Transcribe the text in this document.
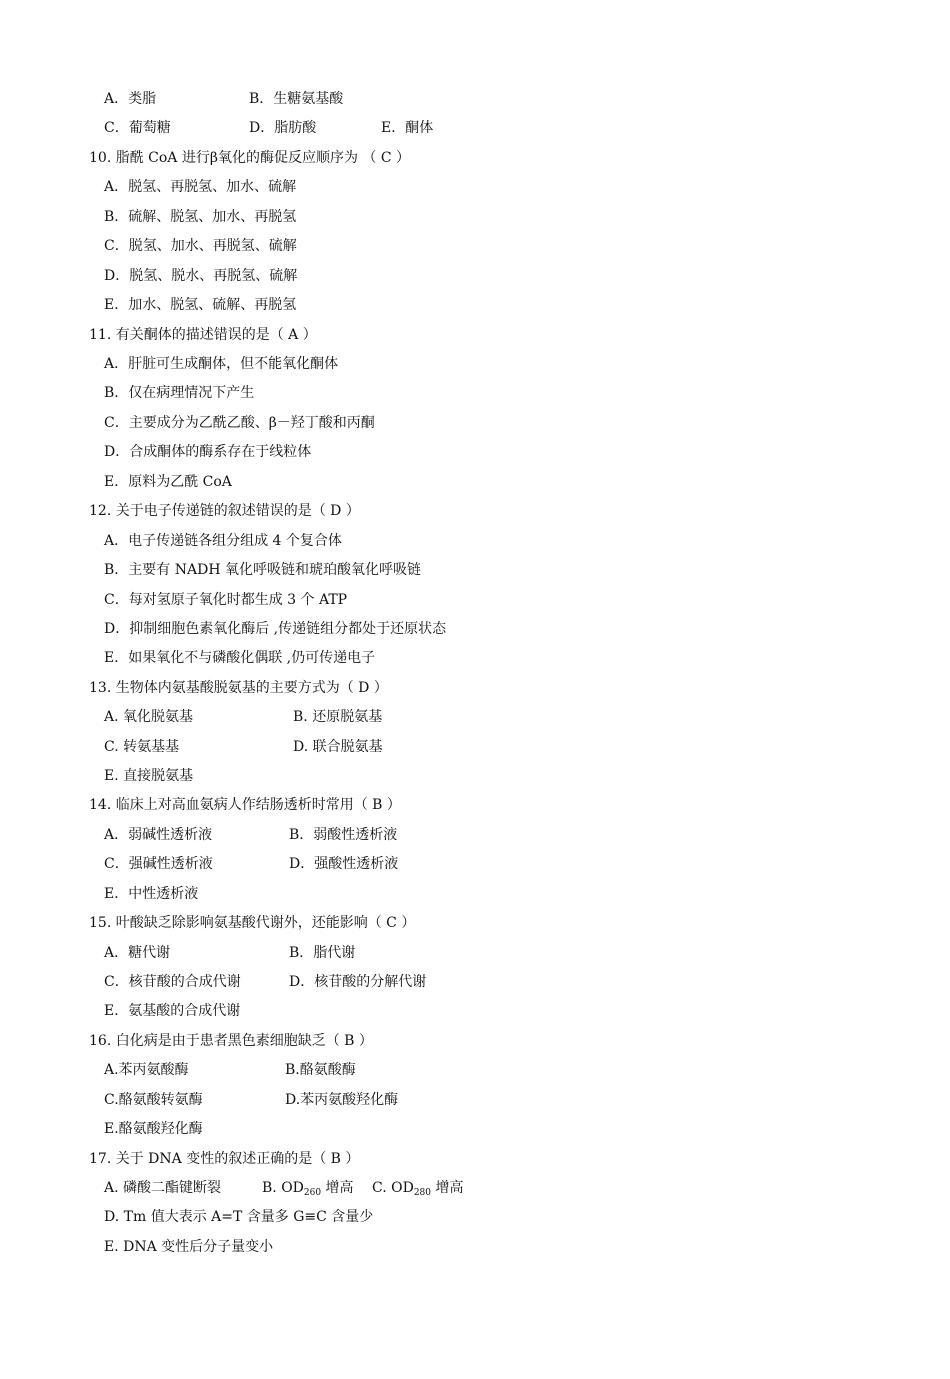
A．类脂	B．生糖氨基酸
C．葡萄糖	D．脂肪酸	E．酮体
10. 脂酰 CoA 进行β氧化的酶促反应顺序为 （ C ）
A．脱氢、再脱氢、加水、硫解
B．硫解、脱氢、加水、再脱氢
C．脱氢、加水、再脱氢、硫解
D．脱氢、脱水、再脱氢、硫解
E．加水、脱氢、硫解、再脱氢
11. 有关酮体的描述错误的是（ A ）
A．肝脏可生成酮体，但不能氧化酮体
B．仅在病理情况下产生
C．主要成分为乙酰乙酸、β－羟丁酸和丙酮
D．合成酮体的酶系存在于线粒体
E．原料为乙酰 CoA
12. 关于电子传递链的叙述错误的是（ D ）
A．电子传递链各组分组成 4 个复合体
B．主要有 NADH 氧化呼吸链和琥珀酸氧化呼吸链
C．每对氢原子氧化时都生成 3 个 ATP
D．抑制细胞色素氧化酶后 ,传递链组分都处于还原状态
E．如果氧化不与磷酸化偶联 ,仍可传递电子
13. 生物体内氨基酸脱氨基的主要方式为（ D ）
A. 氧化脱氨基	B. 还原脱氨基
C. 转氨基基	D. 联合脱氨基
E. 直接脱氨基
14. 临床上对高血氨病人作结肠透析时常用（ B ）
A．弱碱性透析液	B．弱酸性透析液
C．强碱性透析液	D．强酸性透析液
E．中性透析液
15. 叶酸缺乏除影响氨基酸代谢外，还能影响（ C ）
A．糖代谢	B．脂代谢
C．核苷酸的合成代谢	D．核苷酸的分解代谢
E．氨基酸的合成代谢
16. 白化病是由于患者黑色素细胞缺乏（ B ）
A.苯丙氨酸酶	B.酪氨酸酶
C.酪氨酸转氨酶	D.苯丙氨酸羟化酶
E.酪氨酸羟化酶
17. 关于 DNA 变性的叙述正确的是（ B ）
A. 磷酸二酯键断裂	B. $OD_{260}$ 增高 C. $OD_{280}$ 增高
D. Tm 值大表示 A=T 含量多 G≡C 含量少
E. DNA 变性后分子量变小
